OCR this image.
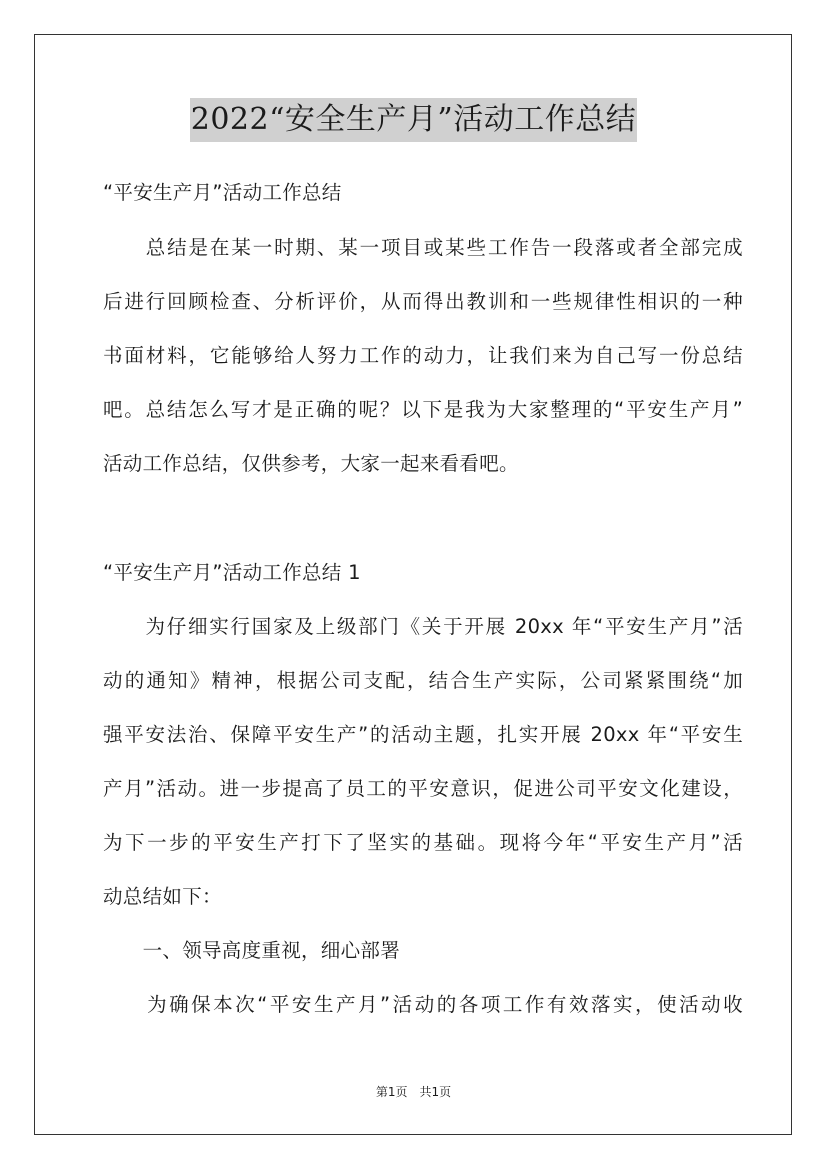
2022“安全生产月”活动工作总结
“平安生产月”活动工作总结
　　总结是在某一时期、某一项目或某些工作告一段落或者全部完成
后进行回顾检查、分析评价，从而得出教训和一些规律性相识的一种
书面材料，它能够给人努力工作的动力，让我们来为自己写一份总结
吧。总结怎么写才是正确的呢？以下是我为大家整理的“平安生产月”
活动工作总结，仅供参考，大家一起来看看吧。
“平安生产月”活动工作总结 1
　　为仔细实行国家及上级部门《关于开展 20xx 年“平安生产月”活
动的通知》精神，根据公司支配，结合生产实际，公司紧紧围绕“加
强平安法治、保障平安生产”的活动主题，扎实开展 20xx 年“平安生
产月”活动。进一步提高了员工的平安意识，促进公司平安文化建设，
为下一步的平安生产打下了坚实的基础。现将今年“平安生产月”活
动总结如下：
　　一、领导高度重视，细心部署
　　为确保本次“平安生产月”活动的各项工作有效落实，使活动收
第1页　共1页
